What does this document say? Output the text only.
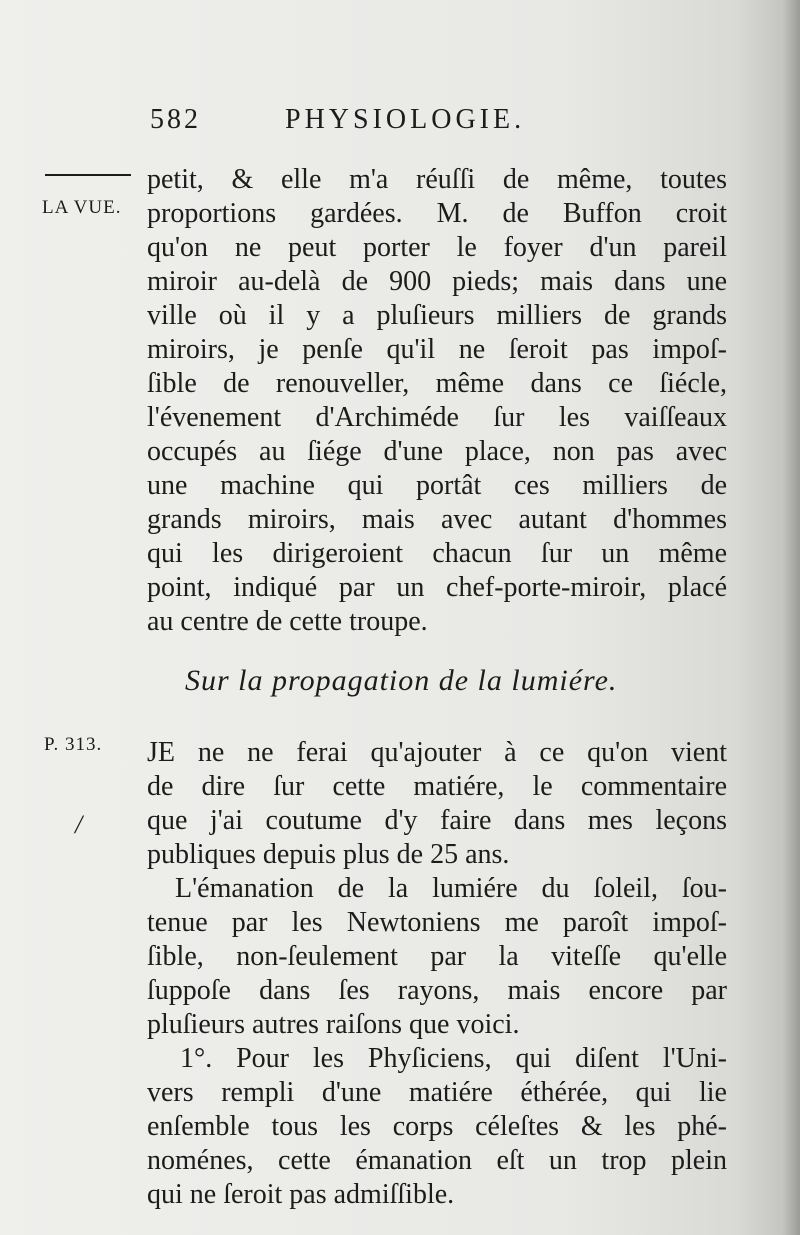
582	PHYSIOLOGIE.
LA VUE.
P. 313.
/
petit, & elle m'a réuſſi de même, toutes
proportions gardées. M. de Buffon croit
qu'on ne peut porter le foyer d'un pareil
miroir au-delà de 900 pieds; mais dans une
ville où il y a pluſieurs milliers de grands
miroirs, je penſe qu'il ne ſeroit pas impoſ-
ſible de renouveller, même dans ce ſiécle,
l'évenement d'Archiméde ſur les vaiſſeaux
occupés au ſiége d'une place, non pas avec
une machine qui portât ces milliers de
grands miroirs, mais avec autant d'hommes
qui les dirigeroient chacun ſur un même
point, indiqué par un chef-porte-miroir, placé
au centre de cette troupe.
Sur la propagation de la lumiére.
JE ne ne ferai qu'ajouter à ce qu'on vient
de dire ſur cette matiére, le commentaire
que j'ai coutume d'y faire dans mes leçons
publiques depuis plus de 25 ans.
L'émanation de la lumiére du ſoleil, ſou-
tenue par les Newtoniens me paroît impoſ-
ſible, non-ſeulement par la viteſſe qu'elle
ſuppoſe dans ſes rayons, mais encore par
pluſieurs autres raiſons que voici.
1°. Pour les Phyſiciens, qui diſent l'Uni-
vers rempli d'une matiére éthérée, qui lie
enſemble tous les corps céleſtes & les phé-
noménes, cette émanation eſt un trop plein
qui ne ſeroit pas admiſſible.
